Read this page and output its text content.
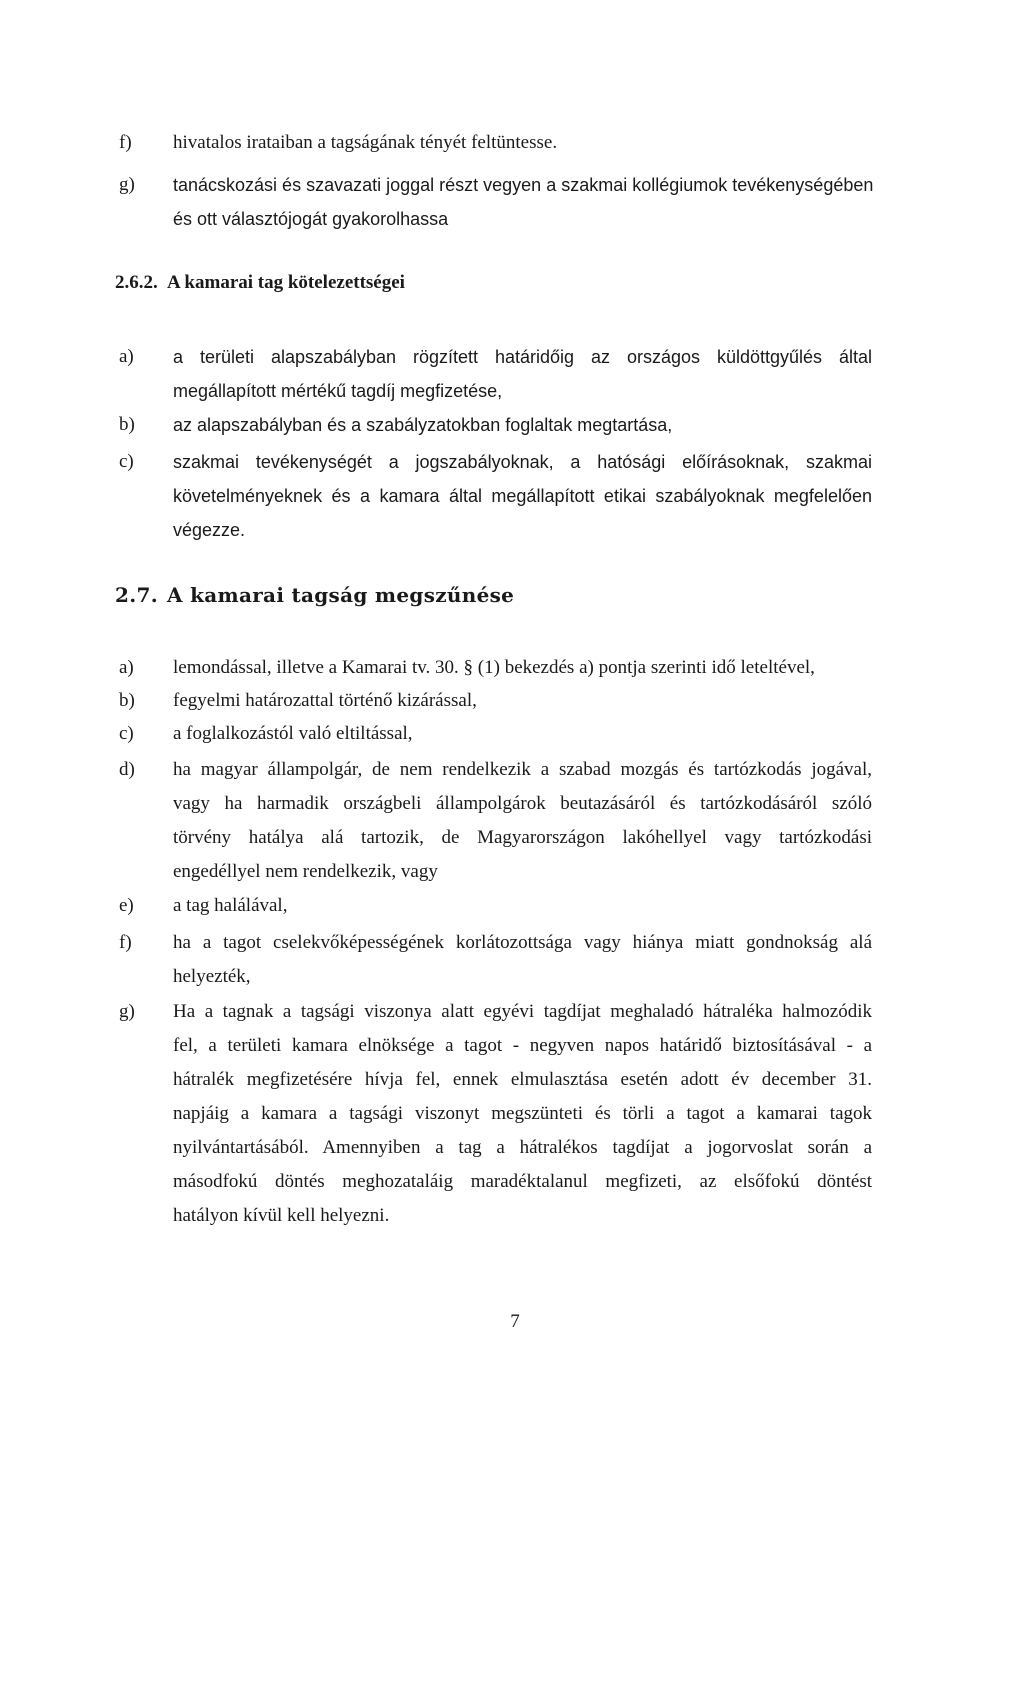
f) hivatalos irataiban a tagságának tényét feltüntesse.
g) tanácskozási és szavazati joggal részt vegyen a szakmai kollégiumok tevékenységében
és ott választójogát gyakorolhassa
2.6.2. A kamarai tag kötelezettségei
a) a területi alapszabályban rögzített határidőig az országos küldöttgyűlés által
megállapított mértékű tagdíj megfizetése,
b) az alapszabályban és a szabályzatokban foglaltak megtartása,
c) szakmai tevékenységét a jogszabályoknak, a hatósági előírásoknak, szakmai
követelményeknek és a kamara által megállapított etikai szabályoknak megfelelően
végezze.
2.7. A kamarai tagság megszűnése
a) lemondással, illetve a Kamarai tv. 30. § (1) bekezdés a) pontja szerinti idő leteltével,
b) fegyelmi határozattal történő kizárással,
c) a foglalkozástól való eltiltással,
d) ha magyar állampolgár, de nem rendelkezik a szabad mozgás és tartózkodás jogával,
vagy ha harmadik országbeli állampolgárok beutazásáról és tartózkodásáról szóló
törvény hatálya alá tartozik, de Magyarországon lakóhellyel vagy tartózkodási
engedéllyel nem rendelkezik, vagy
e) a tag halálával,
f) ha a tagot cselekvőképességének korlátozottsága vagy hiánya miatt gondnokság alá
helyezték,
g) Ha a tagnak a tagsági viszonya alatt egyévi tagdíjat meghaladó hátraléka halmozódik
fel, a területi kamara elnöksége a tagot - negyven napos határidő biztosításával - a
hátralék megfizetésére hívja fel, ennek elmulasztása esetén adott év december 31.
napjáig a kamara a tagsági viszonyt megszünteti és törli a tagot a kamarai tagok
nyilvántartásából. Amennyiben a tag a hátralékos tagdíjat a jogorvoslat során a
másodfokú döntés meghozataláig maradéktalanul megfizeti, az elsőfokú döntést
hatályon kívül kell helyezni.
7
